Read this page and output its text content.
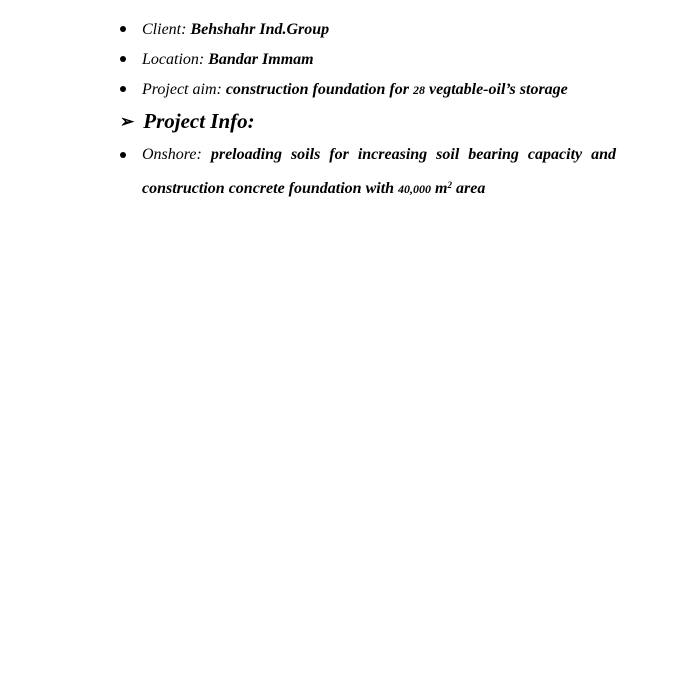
Client: Behshahr Ind.Group
Location: Bandar Immam
Project aim: construction foundation for 28 vegtable-oil’s storage
➢ Project Info:
Onshore: preloading soils for increasing soil bearing capacity and
construction concrete foundation with 40,000 $m^2$ area
